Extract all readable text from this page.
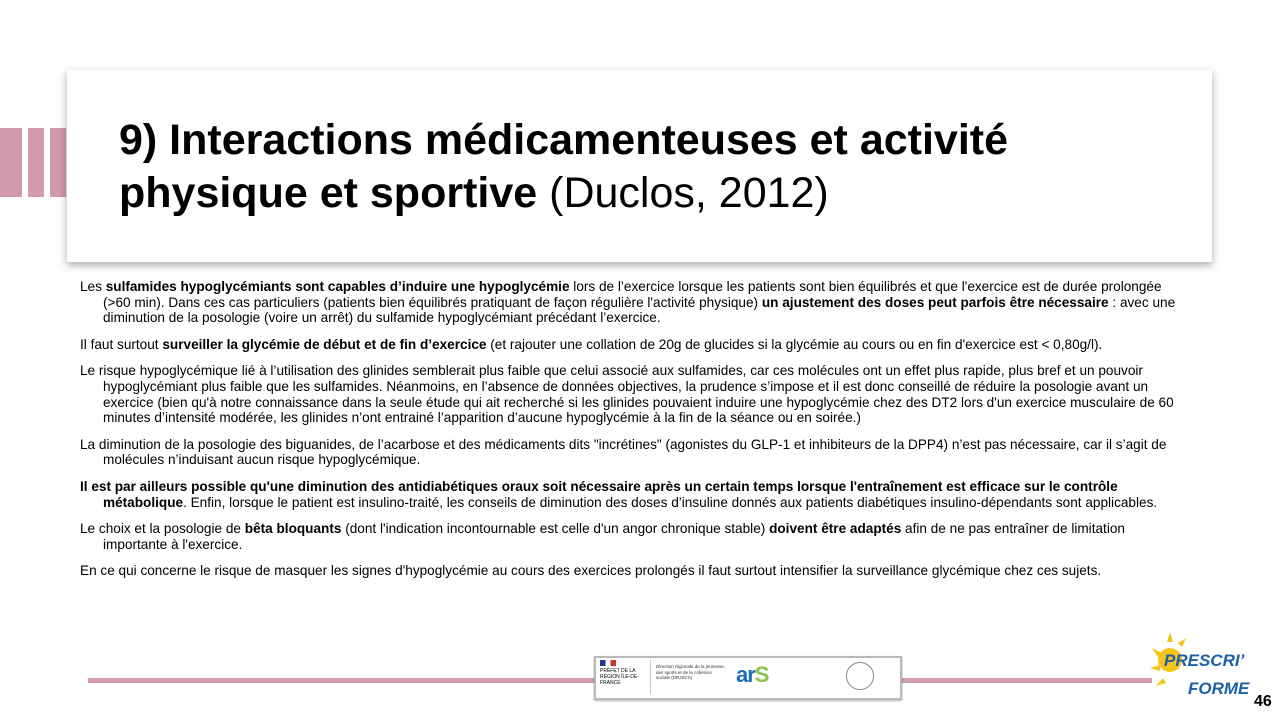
9) Interactions médicamenteuses et activité physique et sportive (Duclos, 2012)

Les sulfamides hypoglycémiants sont capables d’induire une hypoglycémie lors de l’exercice lorsque les patients sont bien équilibrés et que l'exercice est de durée prolongée (>60 min). Dans ces cas particuliers (patients bien équilibrés pratiquant de façon régulière l'activité physique) un ajustement des doses peut parfois être nécessaire : avec une diminution de la posologie (voire un arrêt) du sulfamide hypoglycémiant précédant l’exercice.

Il faut surtout surveiller la glycémie de début et de fin d’exercice (et rajouter une collation de 20g de glucides si la glycémie au cours ou en fin d'exercice est < 0,80g/l).

Le risque hypoglycémique lié à l’utilisation des glinides semblerait plus faible que celui associé aux sulfamides, car ces molécules ont un effet plus rapide, plus bref et un pouvoir hypoglycémiant plus faible que les sulfamides. Néanmoins, en l’absence de données objectives, la prudence s’impose et il est donc conseillé de réduire la posologie avant un exercice (bien qu'à notre connaissance dans la seule étude qui ait recherché si les glinides pouvaient induire une hypoglycémie chez des DT2 lors d'un exercice musculaire de 60 minutes d’intensité modérée, les glinides n’ont entrainé l’apparition d’aucune hypoglycémie à la fin de la séance ou en soirée.)

La diminution de la posologie des biguanides, de l’acarbose et des médicaments dits "incrétines" (agonistes du GLP-1 et inhibiteurs de la DPP4) n’est pas nécessaire, car il s’agit de molécules n’induisant aucun risque hypoglycémique.

Il est par ailleurs possible qu'une diminution des antidiabétiques oraux soit nécessaire après un certain temps lorsque l'entraînement est efficace sur le contrôle métabolique. Enfin, lorsque le patient est insulino-traité, les conseils de diminution des doses d’insuline donnés aux patients diabétiques insulino-dépendants sont applicables.

Le choix et la posologie de bêta bloquants (dont l'indication incontournable est celle d'un angor chronique stable) doivent être adaptés afin de ne pas entraîner de limitation importante à l'exercice.

En ce qui concerne le risque de masquer les signes d'hypoglycémie au cours des exercices prolongés il faut surtout intensifier la surveillance glycémique chez ces sujets.

PRÉFET DE LA RÉGION ÎLE-DE-FRANCE
Direction régionale de la jeunesse, des sports et de la cohésion sociale (DRJSCS)	arS
PRESCRI’
FORME
46
